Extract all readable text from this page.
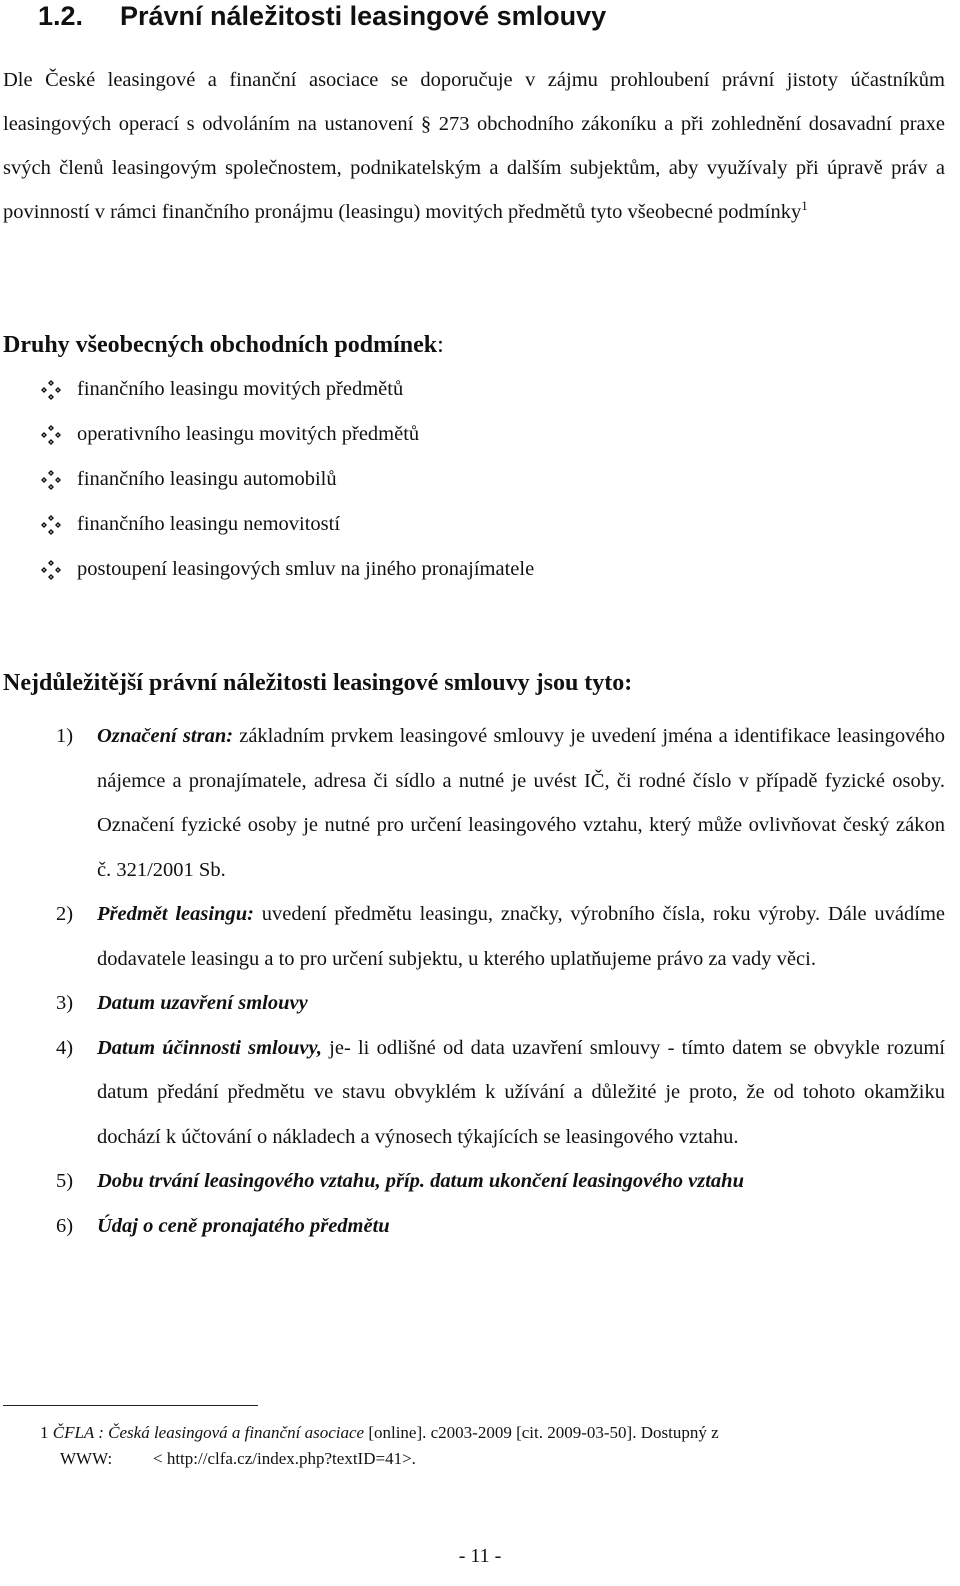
1.2. Právní náležitosti leasingové smlouvy

Dle České leasingové a finanční asociace se doporučuje v zájmu prohloubení právní jistoty účastníkům leasingových operací s odvoláním na ustanovení § 273 obchodního zákoníku a při zohlednění dosavadní praxe svých členů leasingovým společnostem, podnikatelským a dalším subjektům, aby využívaly při úpravě práv a povinností v rámci finančního pronájmu (leasingu) movitých předmětů tyto všeobecné podmínky$^1$

Druhy všeobecných obchodních podmínek:
finančního leasingu movitých předmětů
operativního leasingu movitých předmětů
finančního leasingu automobilů
finančního leasingu nemovitostí
postoupení leasingových smluv na jiného pronajímatele
Nejdůležitější právní náležitosti leasingové smlouvy jsou tyto:
1) Označení stran: základním prvkem leasingové smlouvy je uvedení jména a identifikace leasingového nájemce a pronajímatele, adresa či sídlo a nutné je uvést IČ, či rodné číslo v případě fyzické osoby. Označení fyzické osoby je nutné pro určení leasingového vztahu, který může ovlivňovat český zákon č. 321/2001 Sb.
2) Předmět leasingu: uvedení předmětu leasingu, značky, výrobního čísla, roku výroby. Dále uvádíme dodavatele leasingu a to pro určení subjektu, u kterého uplatňujeme právo za vady věci.
3) Datum uzavření smlouvy
4) Datum účinnosti smlouvy, je- li odlišné od data uzavření smlouvy - tímto datem se obvykle rozumí datum předání předmětu ve stavu obvyklém k užívání a důležité je proto, že od tohoto okamžiku dochází k účtování o nákladech a výnosech týkajících se leasingového vztahu.
5) Dobu trvání leasingového vztahu, příp. datum ukončení leasingového vztahu
6) Údaj o ceně pronajatého předmětu

1 ČFLA : Česká leasingová a finanční asociace [online]. c2003-2009 [cit. 2009-03-50]. Dostupný z
WWW: < http://clfa.cz/index.php?textID=41>.

- 11 -
